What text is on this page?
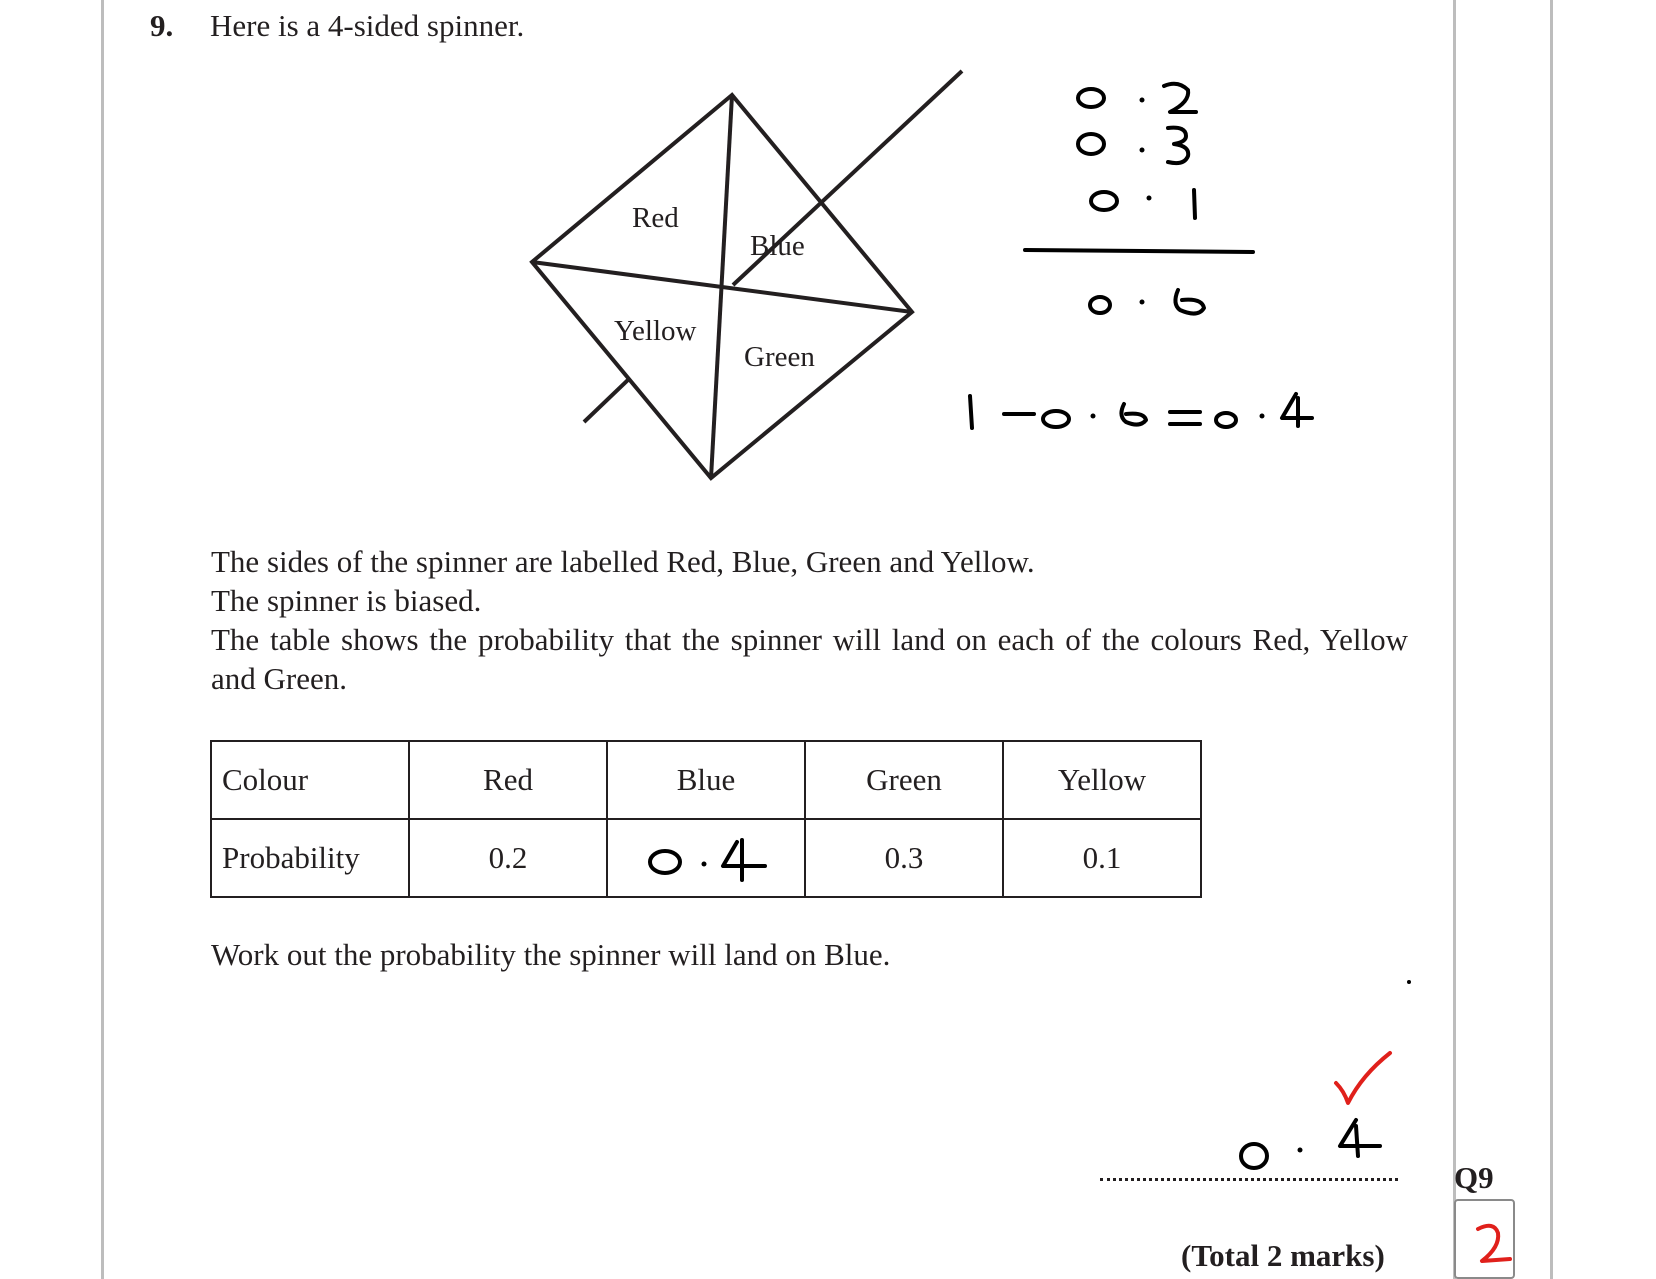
9. Here is a 4-sided spinner.
Red
Blue
Yellow
Green

The sides of the spinner are labelled Red, Blue, Green and Yellow.

The spinner is biased.

The table shows the probability that the spinner will land on each of the colours Red, Yellow and Green.

Colour	Red	Blue	Green	Yellow
Probability	0.2		0.3	0.1
Work out the probability the spinner will land on Blue.
(Total 2 marks)
Q9
